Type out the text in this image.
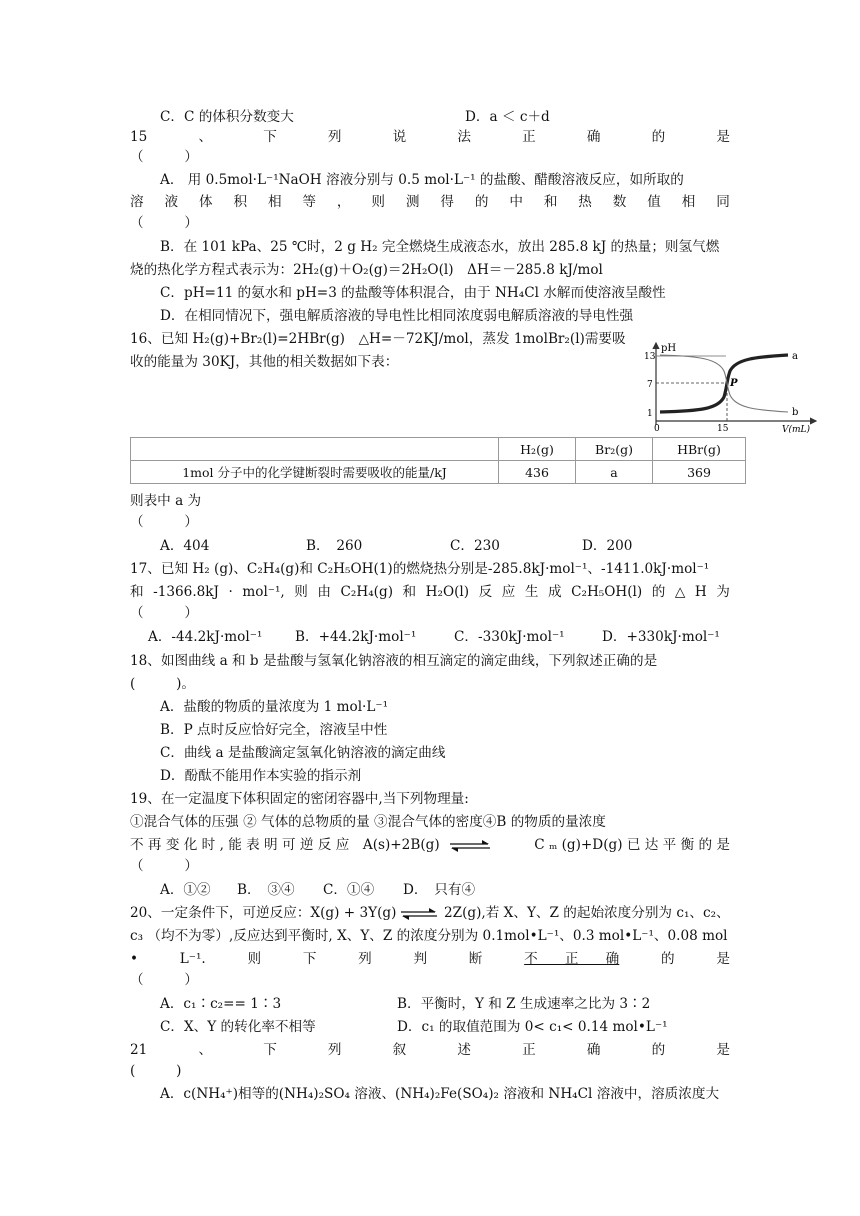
C．C 的体积分数变大	D．a ＜ c＋d
15	、	下	列	说	法	正	确	的	是
（　　　）
A． 用 0.5mol·L⁻¹NaOH 溶液分别与 0.5 mol·L⁻¹ 的盐酸、醋酸溶液反应，如所取的
溶 液 体 积 相 等 ， 则 测 得 的 中 和 热 数 值 相 同
（　　　）
B．在 101 kPa、25 ℃时，2 g H₂ 完全燃烧生成液态水，放出 285.8 kJ 的热量；则氢气燃
烧的热化学方程式表示为：2H₂(g)＋O₂(g)＝2H₂O(l)　ΔH＝－285.8 kJ/mol
C．pH=11 的氨水和 pH=3 的盐酸等体积混合，由于 NH₄Cl 水解而使溶液呈酸性
D．在相同情况下，强电解质溶液的导电性比相同浓度弱电解质溶液的导电性强
16、已知 H₂(g)+Br₂(l)=2HBr(g)　△H=－72KJ/mol，蒸发 1molBr₂(l)需要吸
收的能量为 30KJ，其他的相关数据如下表：
pH
V(mL)
13
7
1
0	15
P
a
b
	H₂(g)	Br₂(g)	HBr(g)
1mol 分子中的化学键断裂时需要吸收的能量/kJ	436	a	369
则表中 a 为
（　　　）
A．404	B．　260	C．230	D．200
17、已知 H₂ (g)、C₂H₄(g)和 C₂H₅OH(1)的燃烧热分别是-285.8kJ·mol⁻¹、-1411.0kJ·mol⁻¹
和 -1366.8kJ · mol⁻¹, 则 由 C₂H₄(g) 和 H₂O(l) 反 应 生 成 C₂H₅OH(l) 的 △ H 为
（　　　）
A．-44.2kJ·mol⁻¹	B．+44.2kJ·mol⁻¹	C．-330kJ·mol⁻¹	D．+330kJ·mol⁻¹
18、如图曲线 a 和 b 是盐酸与氢氧化钠溶液的相互滴定的滴定曲线，下列叙述正确的是
(　　　)。
A．盐酸的物质的量浓度为 1 mol·L⁻¹
B．P 点时反应恰好完全，溶液呈中性
C．曲线 a 是盐酸滴定氢氧化钠溶液的滴定曲线
D．酚酞不能用作本实验的指示剂
19、在一定温度下体积固定的密闭容器中,当下列物理量:
①混合气体的压强 ② 气体的总物质的量 ③混合气体的密度④B 的物质的量浓度
不 再 变 化 时 , 能 表 明 可 逆 反 应　A(s)+2B(g) ⇌	C ₘ (g)+D(g) 已 达 平 衡 的 是
（　　　）
A．①②	B．　③④	C．①④	D．　只有④
20、一定条件下，可逆反应：X(g) + 3Y(g) ⇌ 2Z(g),若 X、Y、Z 的起始浓度分别为 c₁、c₂、
c₃ （均不为零）,反应达到平衡时, X、Y、Z 的浓度分别为 0.1mol•L⁻¹、0.3 mol•L⁻¹、0.08 mol
•	L⁻¹.	则	下	列	判	断	不　　正　　确	的	是
（　　　）
A．c₁∶c₂== 1∶3	B．平衡时，Y 和 Z 生成速率之比为 3∶2
C．X、Y 的转化率不相等	D．c₁ 的取值范围为 0< c₁< 0.14 mol•L⁻¹
21	、	下	列	叙	述	正	确	的	是
(　　　)
A．c(NH₄⁺)相等的(NH₄)₂SO₄ 溶液、(NH₄)₂Fe(SO₄)₂ 溶液和 NH₄Cl 溶液中，溶质浓度大
